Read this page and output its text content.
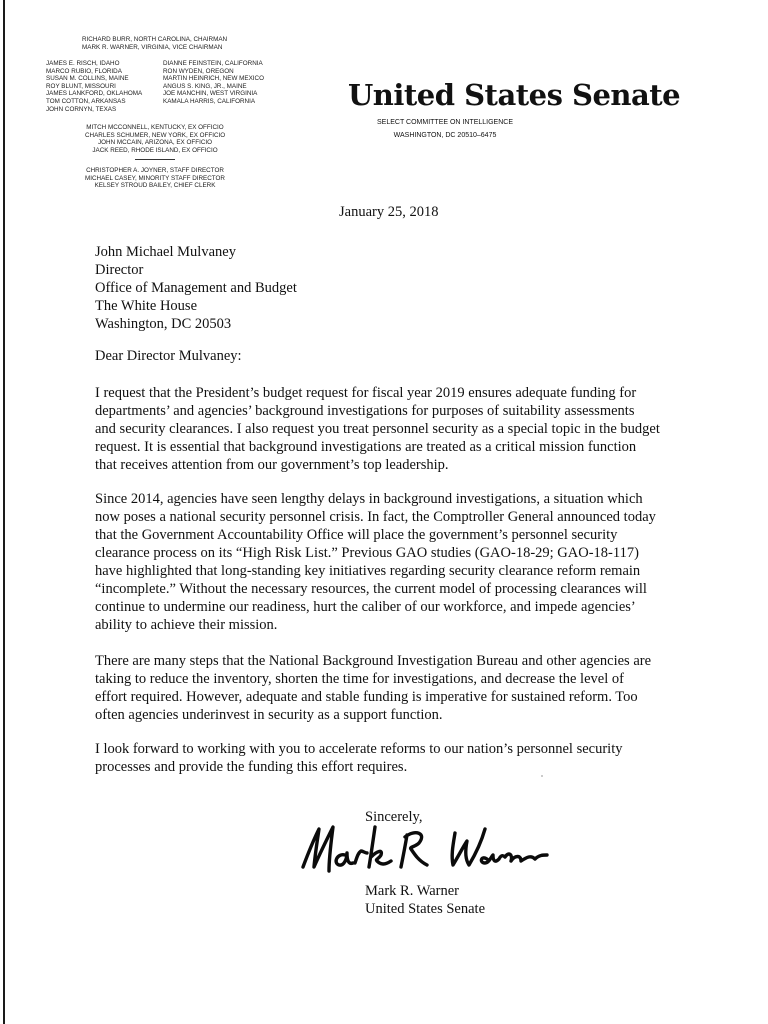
RICHARD BURR, NORTH CAROLINA, CHAIRMAN
MARK R. WARNER, VIRGINIA, VICE CHAIRMAN
JAMES E. RISCH, IDAHO
MARCO RUBIO, FLORIDA
SUSAN M. COLLINS, MAINE
ROY BLUNT, MISSOURI
JAMES LANKFORD, OKLAHOMA
TOM COTTON, ARKANSAS
JOHN CORNYN, TEXAS
DIANNE FEINSTEIN, CALIFORNIA
RON WYDEN, OREGON
MARTIN HEINRICH, NEW MEXICO
ANGUS S. KING, JR., MAINE
JOE MANCHIN, WEST VIRGINIA
KAMALA HARRIS, CALIFORNIA
MITCH MCCONNELL, KENTUCKY, EX OFFICIO
CHARLES SCHUMER, NEW YORK, EX OFFICIO
JOHN MCCAIN, ARIZONA, EX OFFICIO
JACK REED, RHODE ISLAND, EX OFFICIO
CHRISTOPHER A. JOYNER, STAFF DIRECTOR
MICHAEL CASEY, MINORITY STAFF DIRECTOR
KELSEY STROUD BAILEY, CHIEF CLERK
United States Senate
SELECT COMMITTEE ON INTELLIGENCE
WASHINGTON, DC 20510–6475
January 25, 2018
John Michael Mulvaney
Director
Office of Management and Budget
The White House
Washington, DC 20503
Dear Director Mulvaney:
I request that the President’s budget request for fiscal year 2019 ensures adequate funding for
departments’ and agencies’ background investigations for purposes of suitability assessments
and security clearances. I also request you treat personnel security as a special topic in the budget
request. It is essential that background investigations are treated as a critical mission function
that receives attention from our government’s top leadership.
Since 2014, agencies have seen lengthy delays in background investigations, a situation which
now poses a national security personnel crisis. In fact, the Comptroller General announced today
that the Government Accountability Office will place the government’s personnel security
clearance process on its “High Risk List.” Previous GAO studies (GAO-18-29; GAO-18-117)
have highlighted that long-standing key initiatives regarding security clearance reform remain
“incomplete.” Without the necessary resources, the current model of processing clearances will
continue to undermine our readiness, hurt the caliber of our workforce, and impede agencies’
ability to achieve their mission.
There are many steps that the National Background Investigation Bureau and other agencies are
taking to reduce the inventory, shorten the time for investigations, and decrease the level of
effort required. However, adequate and stable funding is imperative for sustained reform. Too
often agencies underinvest in security as a support function.
I look forward to working with you to accelerate reforms to our nation’s personnel security
processes and provide the funding this effort requires.
Sincerely,
Mark R. Warner
United States Senate
